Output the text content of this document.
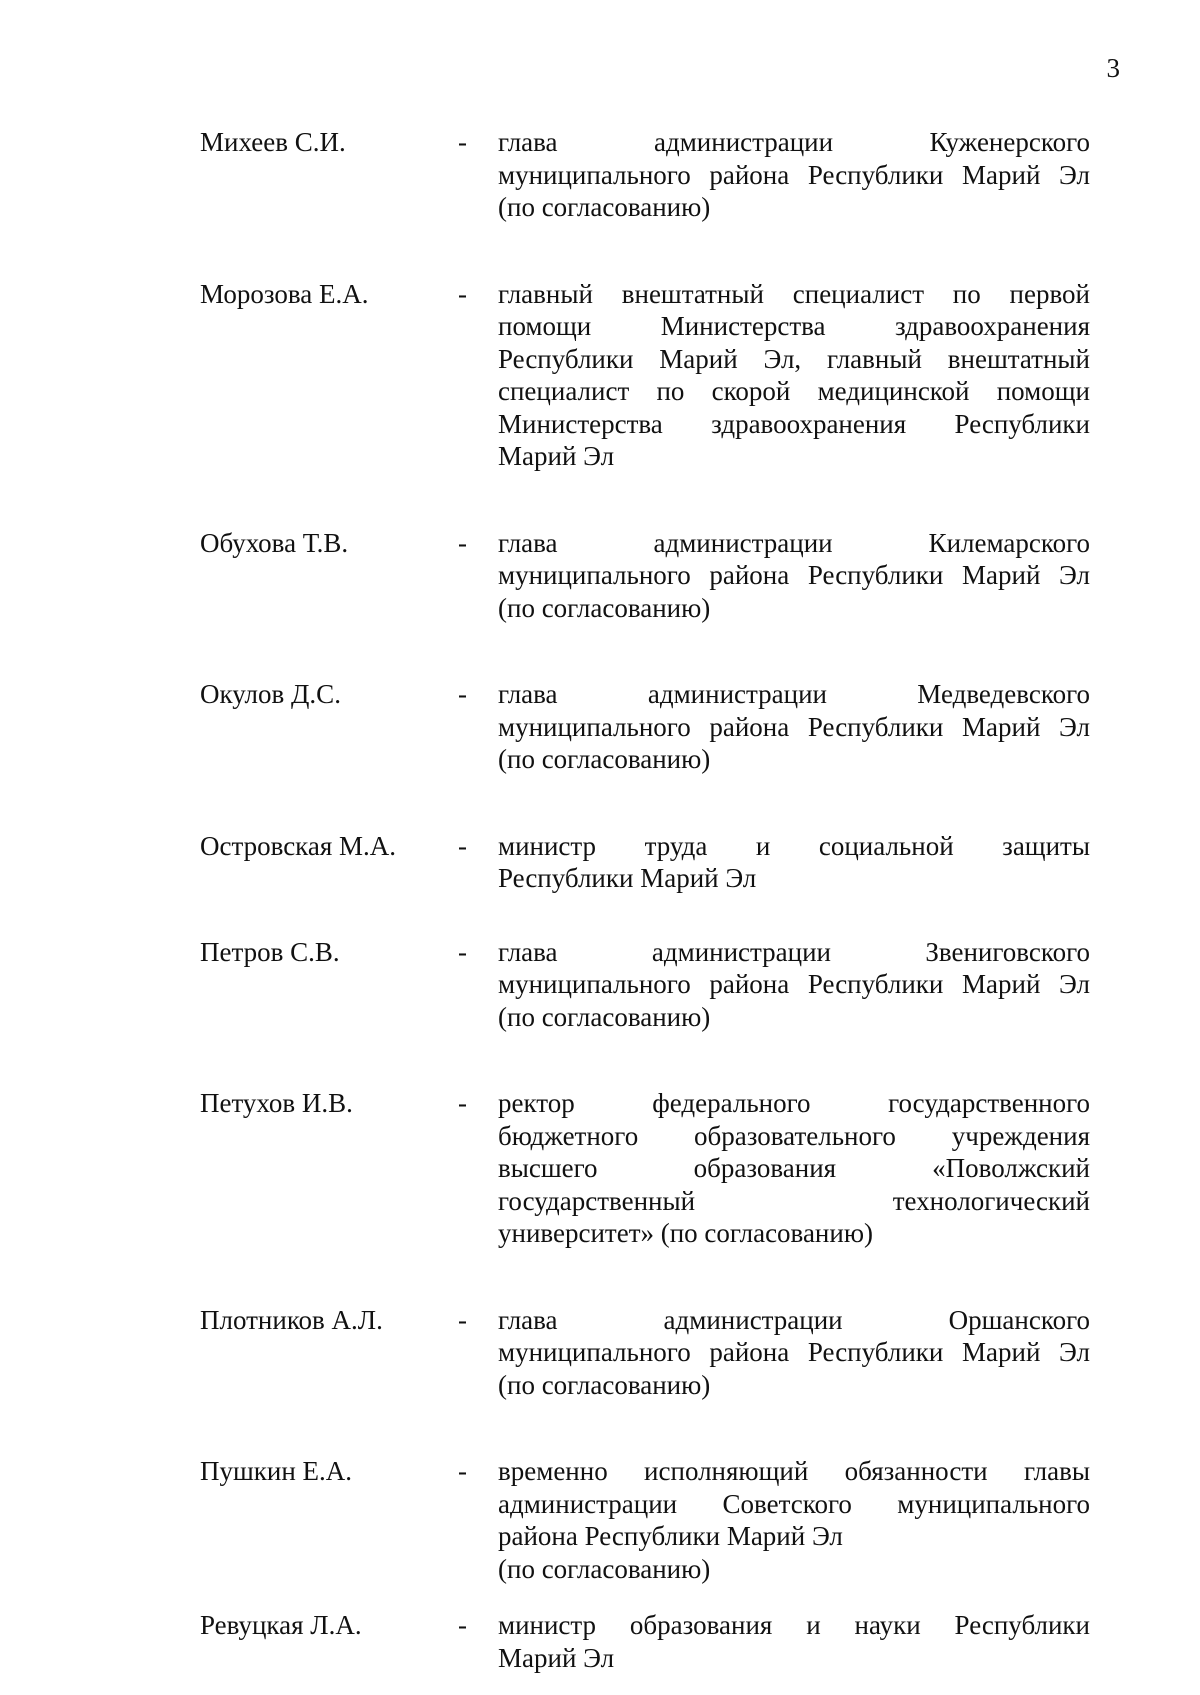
3
Михеев С.И.	-	глава администрации Куженерского
муниципального района Республики Марий Эл
(по согласованию)
Морозова Е.А.	-	главный внештатный специалист по первой
помощи Министерства здравоохранения
Республики Марий Эл, главный внештатный
специалист по скорой медицинской помощи
Министерства здравоохранения Республики
Марий Эл
Обухова Т.В.	-	глава администрации Килемарского
муниципального района Республики Марий Эл
(по согласованию)
Окулов Д.С.	-	глава администрации Медведевского
муниципального района Республики Марий Эл
(по согласованию)
Островская М.А.	-	министр труда и социальной защиты
Республики Марий Эл
Петров С.В.	-	глава администрации Звениговского
муниципального района Республики Марий Эл
(по согласованию)
Петухов И.В.	-	ректор федерального государственного
бюджетного образовательного учреждения
высшего образования «Поволжский
государственный технологический
университет» (по согласованию)
Плотников А.Л.	-	глава администрации Оршанского
муниципального района Республики Марий Эл
(по согласованию)
Пушкин Е.А.	-	временно исполняющий обязанности главы
администрации Советского муниципального
района Республики Марий Эл
(по согласованию)
Ревуцкая Л.А.	-	министр образования и науки Республики
Марий Эл
